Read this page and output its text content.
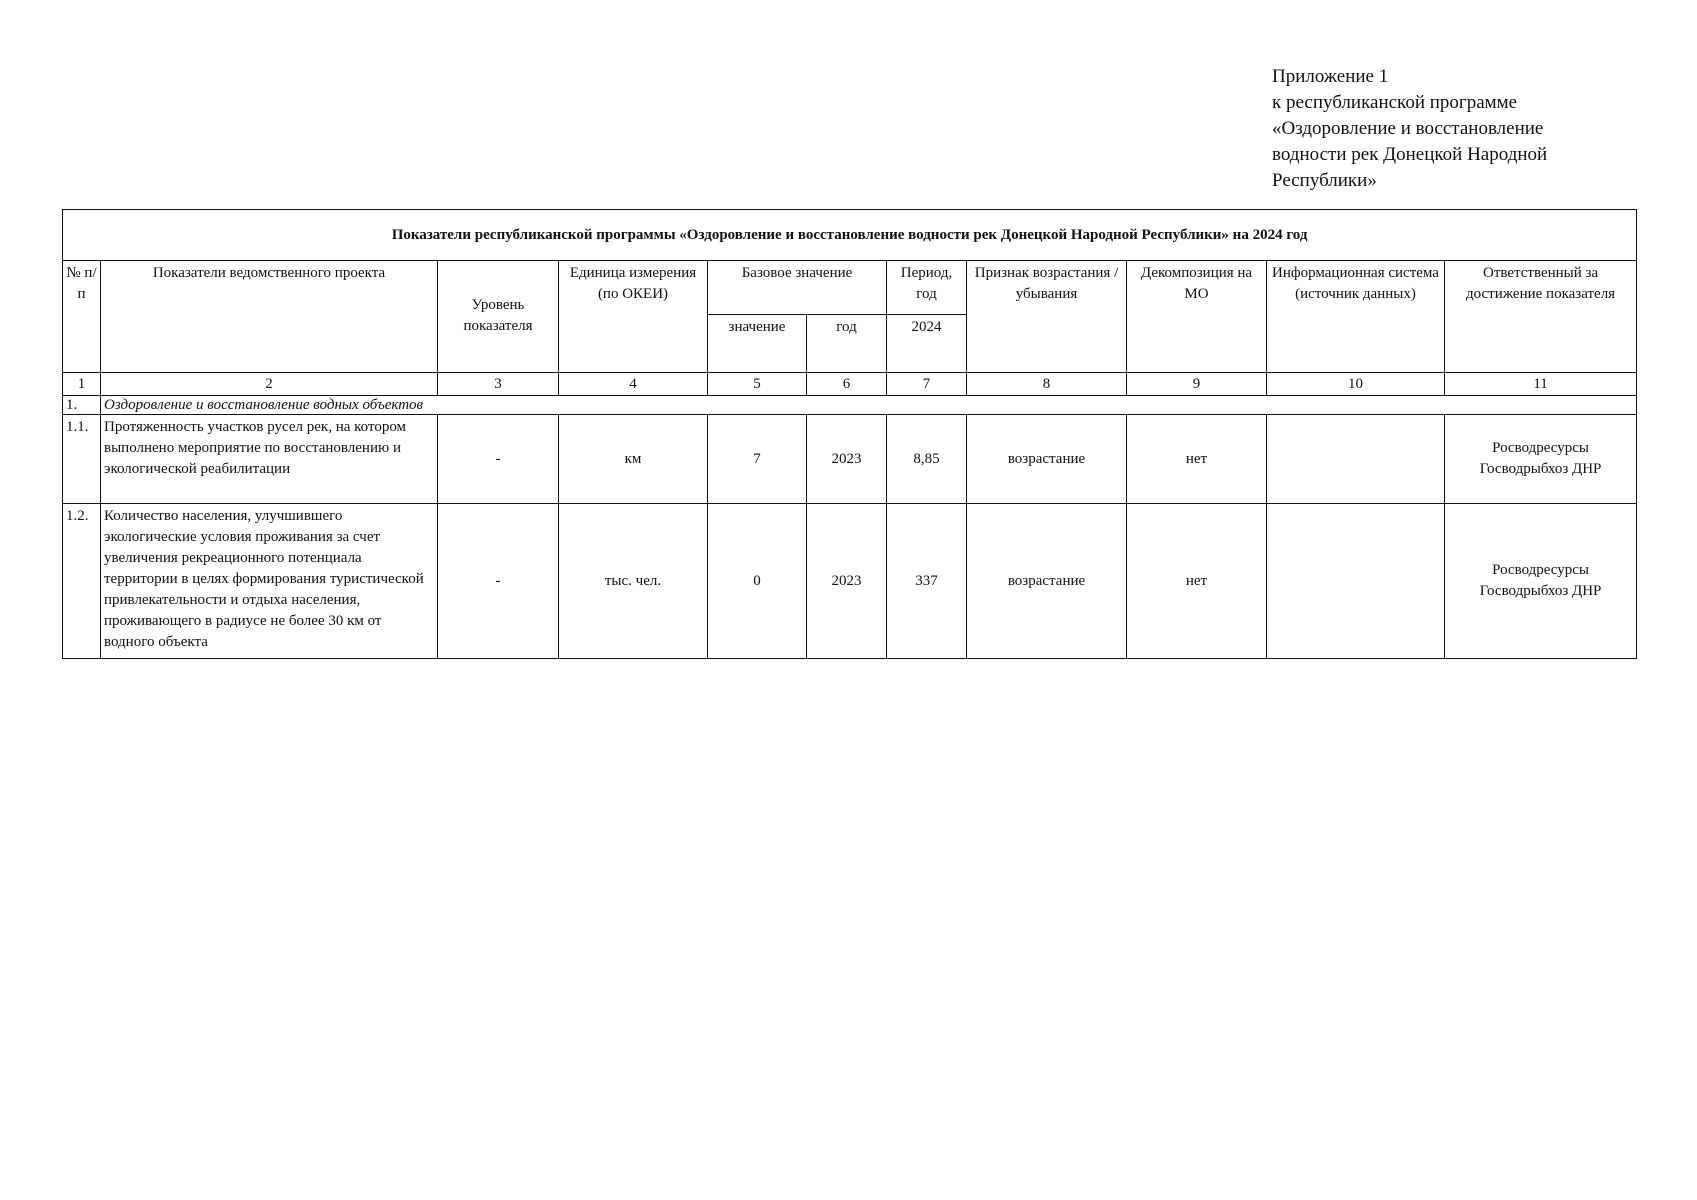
Приложение 1
к республиканской программе
«Оздоровление и восстановление
водности рек Донецкой Народной
Республики»
Показатели республиканской программы «Оздоровление и восстановление водности рек Донецкой Народной Республики» на 2024 год										
№ п/п	Показатели ведомственного проекта	Уровень показателя	Единица измерения (по ОКЕИ)	Базовое значение		Период, год	Признак возрастания / убывания	Декомпозиция на МО	Информационная система (источник данных)	Ответственный за достижение показателя
				значение	год	2024				
1	2	3	4	5	6	7	8	9	10	11
1.	Оздоровление и восстановление водных объектов									
1.1.	Протяженность участков русел рек, на котором выполнено мероприятие по восстановлению и экологической реабилитации	-	км	7	2023	8,85	возрастание	нет		Росводресурсы
Госводрыбхоз ДНР

1.2.	Количество населения, улучшившего экологические условия проживания за счет увеличения рекреационного потенциала территории в целях формирования туристической привлекательности и отдыха населения, проживающего в радиусе не более 30 км от водного объекта	-	тыс. чел.	0	2023	337	возрастание	нет		Росводресурсы
Госводрыбхоз ДНР
